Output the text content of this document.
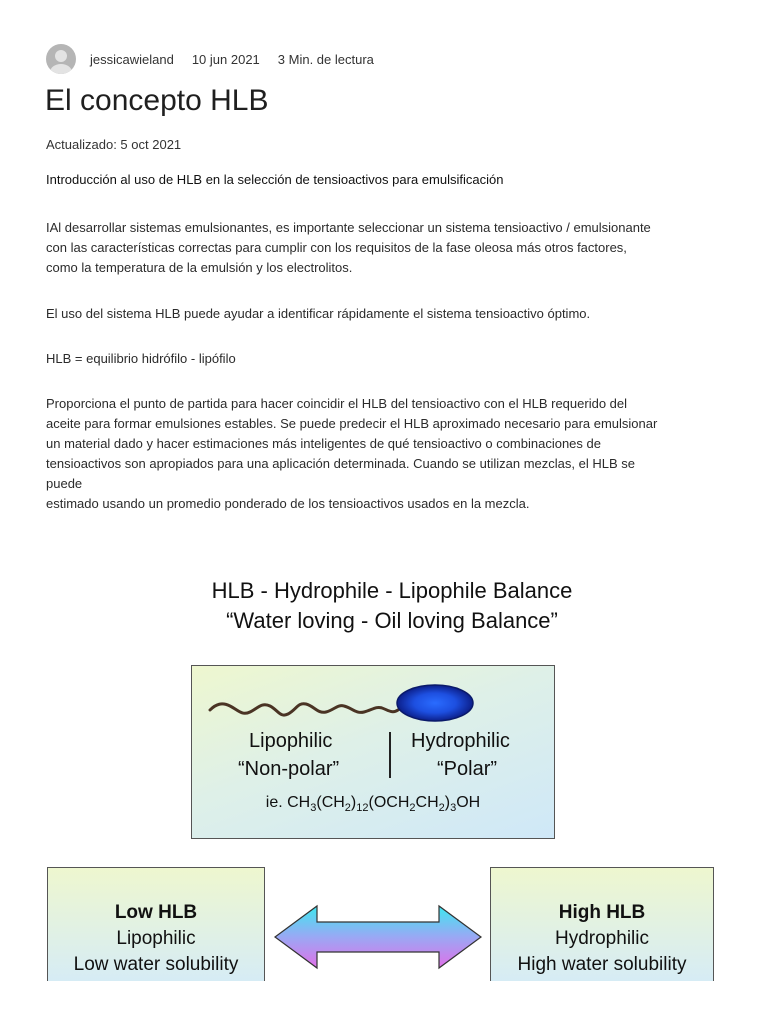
jessicawieland 10 jun 2021 3 Min. de lectura
El concepto HLB
Actualizado: 5 oct 2021
Introducción al uso de HLB en la selección de tensioactivos para emulsificación

IAl desarrollar sistemas emulsionantes, es importante seleccionar un sistema tensioactivo / emulsionante
con las características correctas para cumplir con los requisitos de la fase oleosa más otros factores,
como la temperatura de la emulsión y los electrolitos.

El uso del sistema HLB puede ayudar a identificar rápidamente el sistema tensioactivo óptimo.

HLB = equilibrio hidrófilo - lipófilo

Proporciona el punto de partida para hacer coincidir el HLB del tensioactivo con el HLB requerido del
aceite para formar emulsiones estables. Se puede predecir el HLB aproximado necesario para emulsionar
un material dado y hacer estimaciones más inteligentes de qué tensioactivo o combinaciones de
tensioactivos son apropiados para una aplicación determinada. Cuando se utilizan mezclas, el HLB se
puede
estimado usando un promedio ponderado de los tensioactivos usados en la mezcla.

HLB - Hydrophile - Lipophile Balance
“Water loving - Oil loving Balance”
Lipophilic
“Non-polar”
Hydrophilic
“Polar”
ie. $CH_3(CH_2)_{12}(OCH_2CH_2)_3OH$
Low HLB
Lipophilic
Low water solubility
High HLB
Hydrophilic
High water solubility
